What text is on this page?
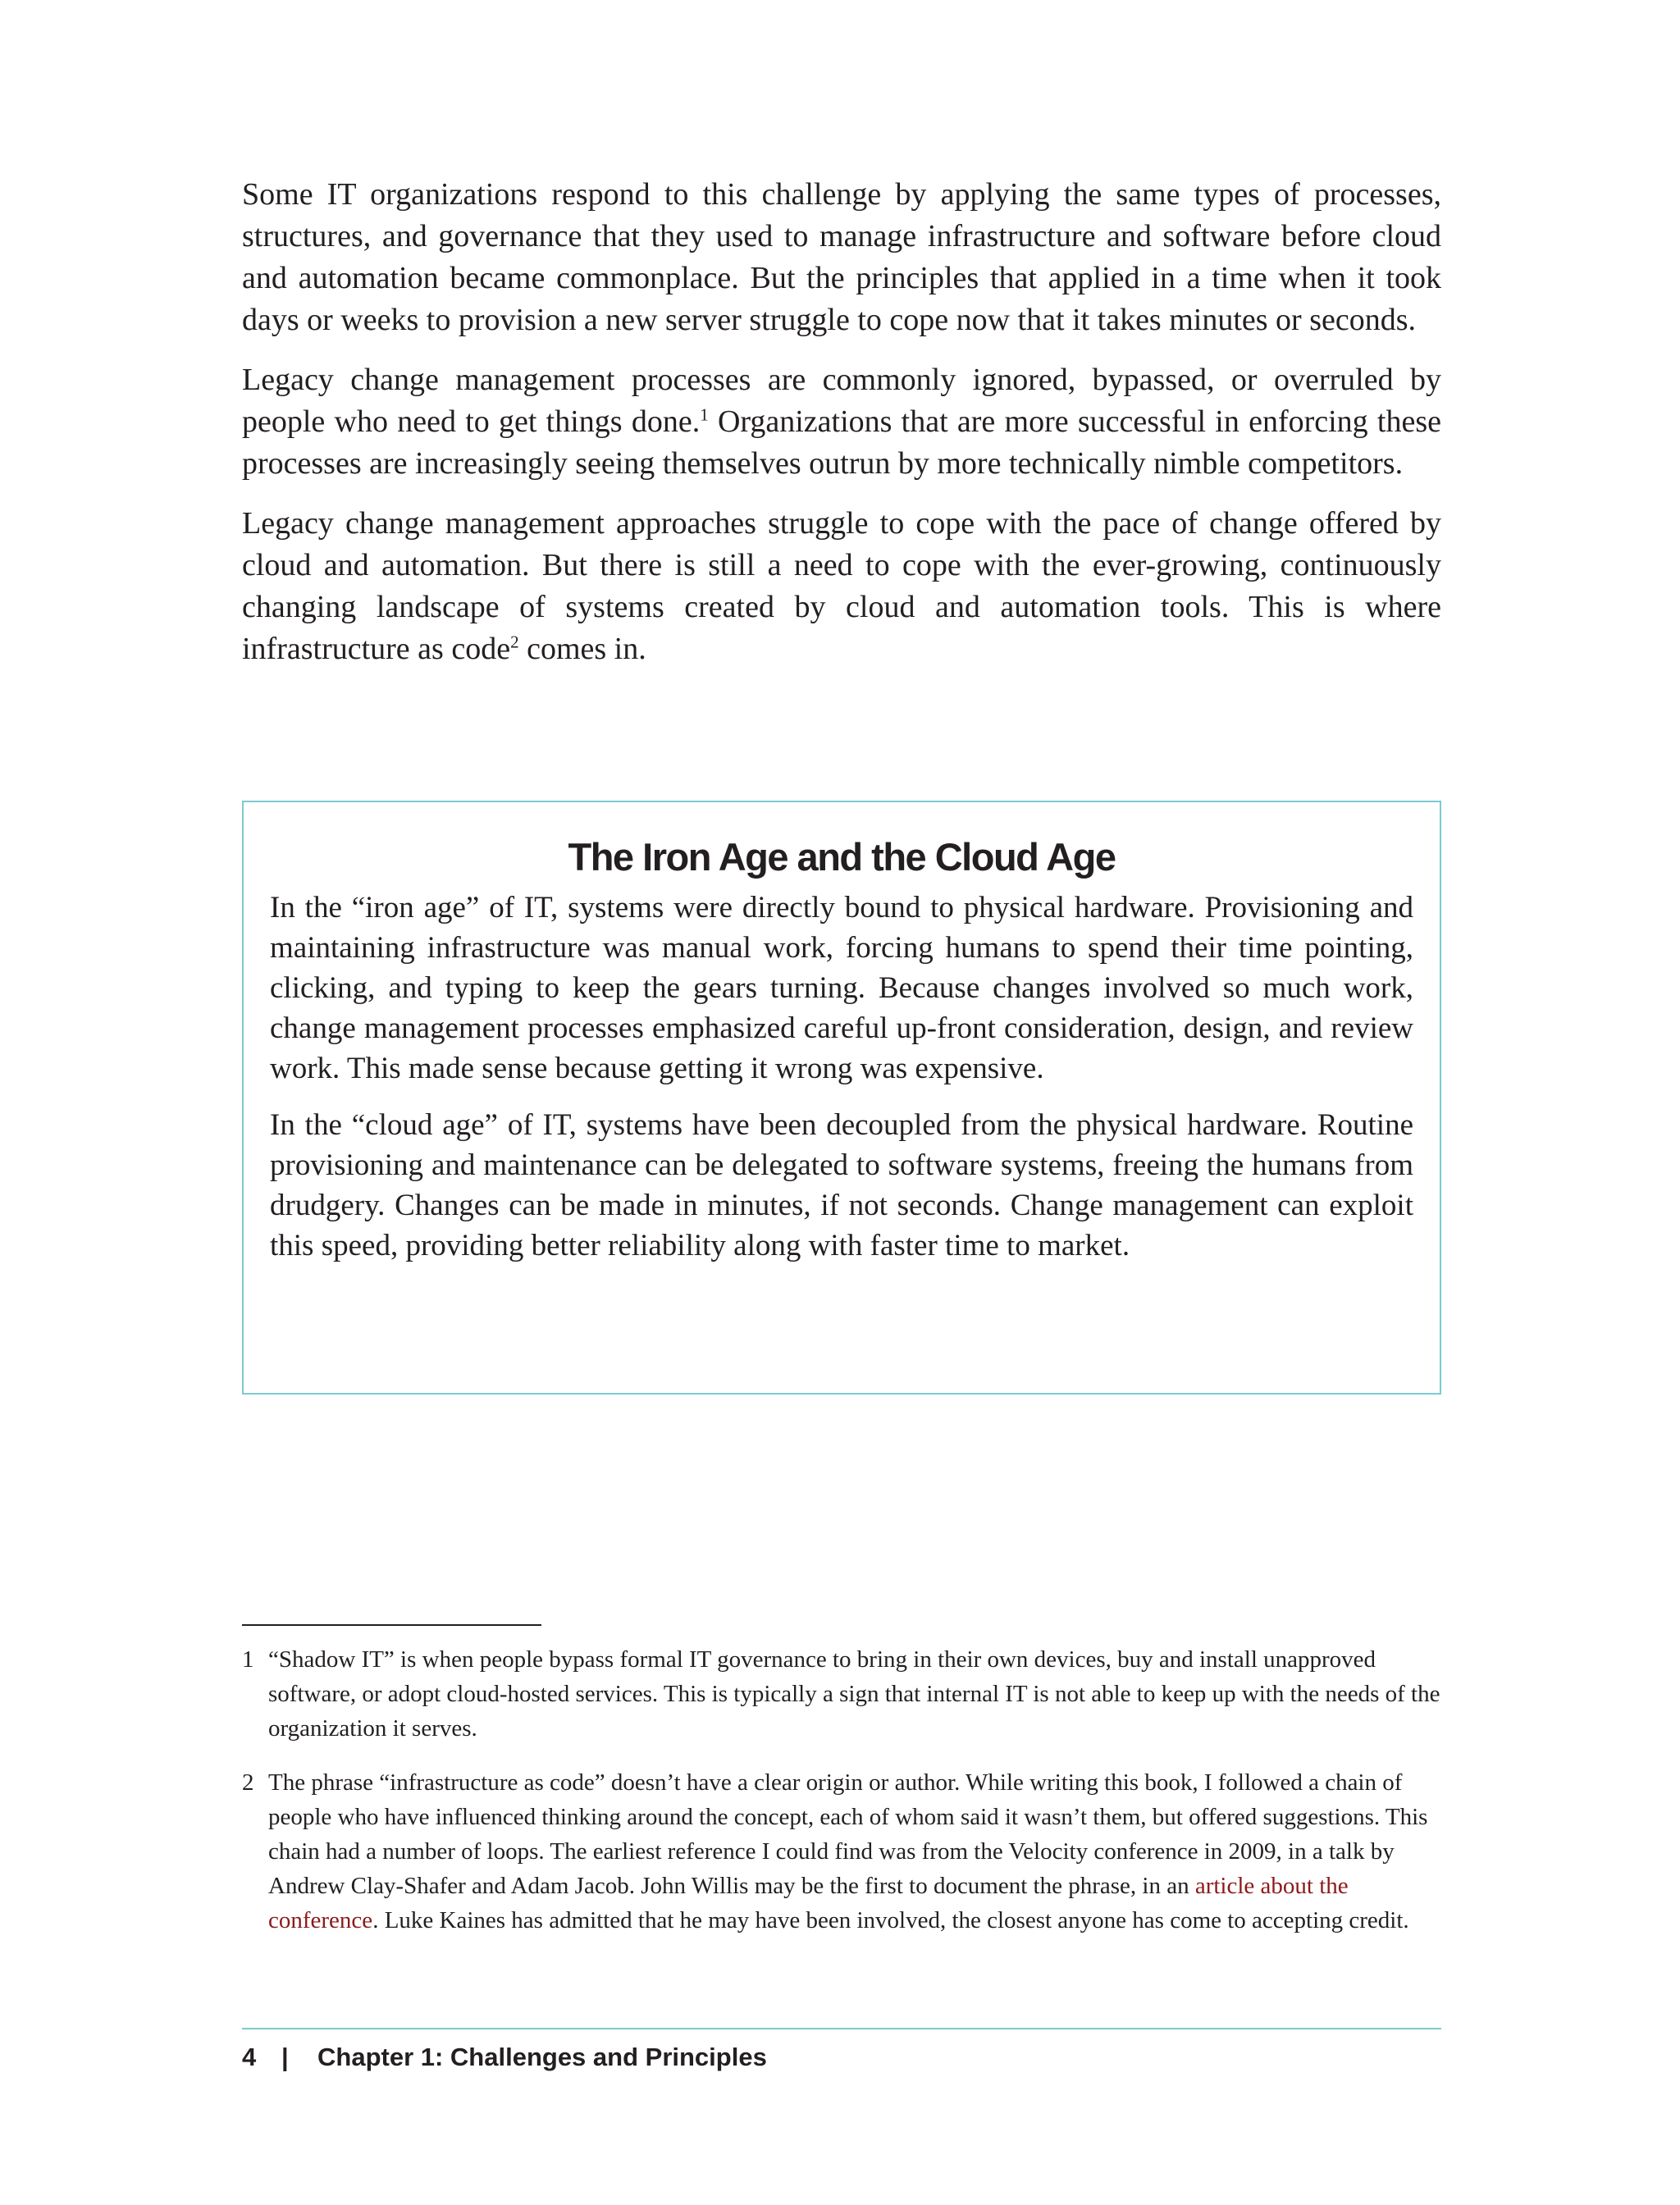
Some IT organizations respond to this challenge by applying the same types of processes, structures, and governance that they used to manage infrastructure and software before cloud and automation became commonplace. But the principles that applied in a time when it took days or weeks to provision a new server struggle to cope now that it takes minutes or seconds.

Legacy change management processes are commonly ignored, bypassed, or overruled by people who need to get things done.$^1$ Organizations that are more successful in enforcing these processes are increasingly seeing themselves outrun by more technically nimble competitors.

Legacy change management approaches struggle to cope with the pace of change offered by cloud and automation. But there is still a need to cope with the ever-growing, continuously changing landscape of systems created by cloud and automation tools. This is where infrastructure as code$^2$ comes in.

The Iron Age and the Cloud Age

In the “iron age” of IT, systems were directly bound to physical hardware. Provisioning and maintaining infrastructure was manual work, forcing humans to spend their time pointing, clicking, and typing to keep the gears turning. Because changes involved so much work, change management processes emphasized careful up-front consideration, design, and review work. This made sense because getting it wrong was expensive.

In the “cloud age” of IT, systems have been decoupled from the physical hardware. Routine provisioning and maintenance can be delegated to software systems, freeing the humans from drudgery. Changes can be made in minutes, if not seconds. Change management can exploit this speed, providing better reliability along with faster time to market.

1 “Shadow IT” is when people bypass formal IT governance to bring in their own devices, buy and install unapproved software, or adopt cloud-hosted services. This is typically a sign that internal IT is not able to keep up with the needs of the organization it serves.

2 The phrase “infrastructure as code” doesn’t have a clear origin or author. While writing this book, I followed a chain of people who have influenced thinking around the concept, each of whom said it wasn’t them, but offered suggestions. This chain had a number of loops. The earliest reference I could find was from the Velocity conference in 2009, in a talk by Andrew Clay-Shafer and Adam Jacob. John Willis may be the first to document the phrase, in an article about the conference. Luke Kaines has admitted that he may have been involved, the closest anyone has come to accepting credit.

4 | Chapter 1: Challenges and Principles
